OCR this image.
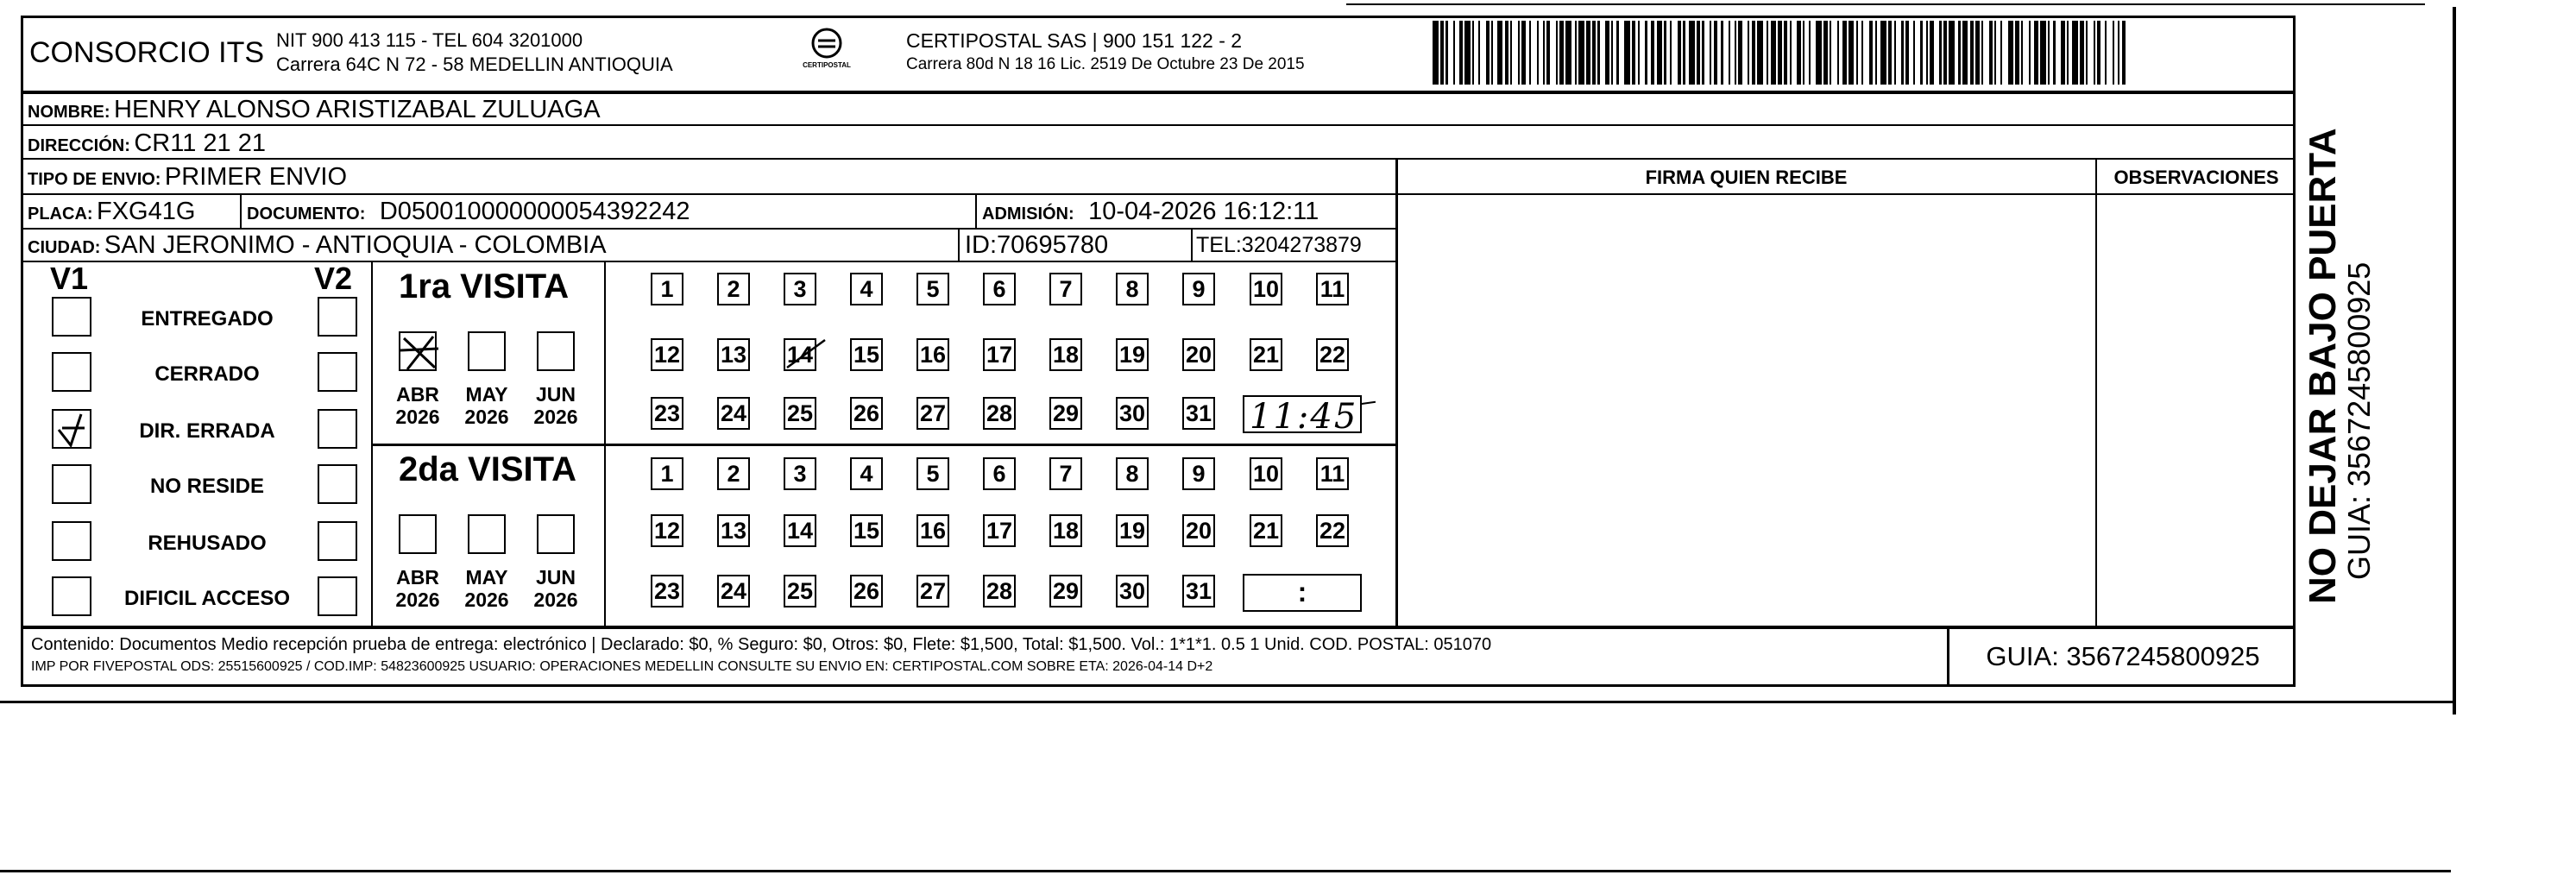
CONSORCIO ITS NIT 900 413 115 - TEL 604 3201000
Carrera 64C N 72 - 58 MEDELLIN ANTIOQUIA	CERTIPOSTAL
CERTIPOSTAL SAS | 900 151 122 - 2
Carrera 80d N 18 16 Lic. 2519 De Octubre 23 De 2015
NOMBRE: HENRY ALONSO ARISTIZABAL ZULUAGA
DIRECCIÓN: CR11 21 21
TIPO DE ENVIO: PRIMER ENVIO
PLACA: FXG41G	DOCUMENTO: D050010000000054392242	ADMISIÓN: 10-04-2026 16:12:11
CIUDAD: SAN JERONIMO - ANTIOQUIA - COLOMBIA	ID:70695780	TEL:3204273879
FIRMA QUIEN RECIBE	OBSERVACIONES
V1	V2
ENTREGADO
CERRADO
DIR. ERRADA
NO RESIDE
REHUSADO
DIFICIL ACCESO
1ra VISITA
2da VISITA
ABR
2026
MAY
2026
JUN
2026
ABR
2026
MAY
2026
JUN
2026
1	2	3	4	5	6	7	8	9	10 11
12 13 14 15 16 17 18 19 20 21 22
23 24 25 26 27 28 29 30 31
1	2	3	4	5	6	7	8	9	10 11
12 13 14 15 16 17 18 19 20 21 22
23 24 25 26 27 28 29 30 31
11:45
:
Contenido: Documentos Medio recepción prueba de entrega: electrónico | Declarado: $0, % Seguro: $0, Otros: $0, Flete: $1,500, Total: $1,500. Vol.: 1*1*1. 0.5 1 Unid. COD. POSTAL: 051070
IMP POR FIVEPOSTAL ODS: 25515600925 / COD.IMP: 54823600925 USUARIO: OPERACIONES MEDELLIN CONSULTE SU ENVIO EN: CERTIPOSTAL.COM SOBRE ETA: 2026-04-14 D+2	GUIA: 3567245800925
NO DEJAR BAJO PUERTA
GUIA: 3567245800925
